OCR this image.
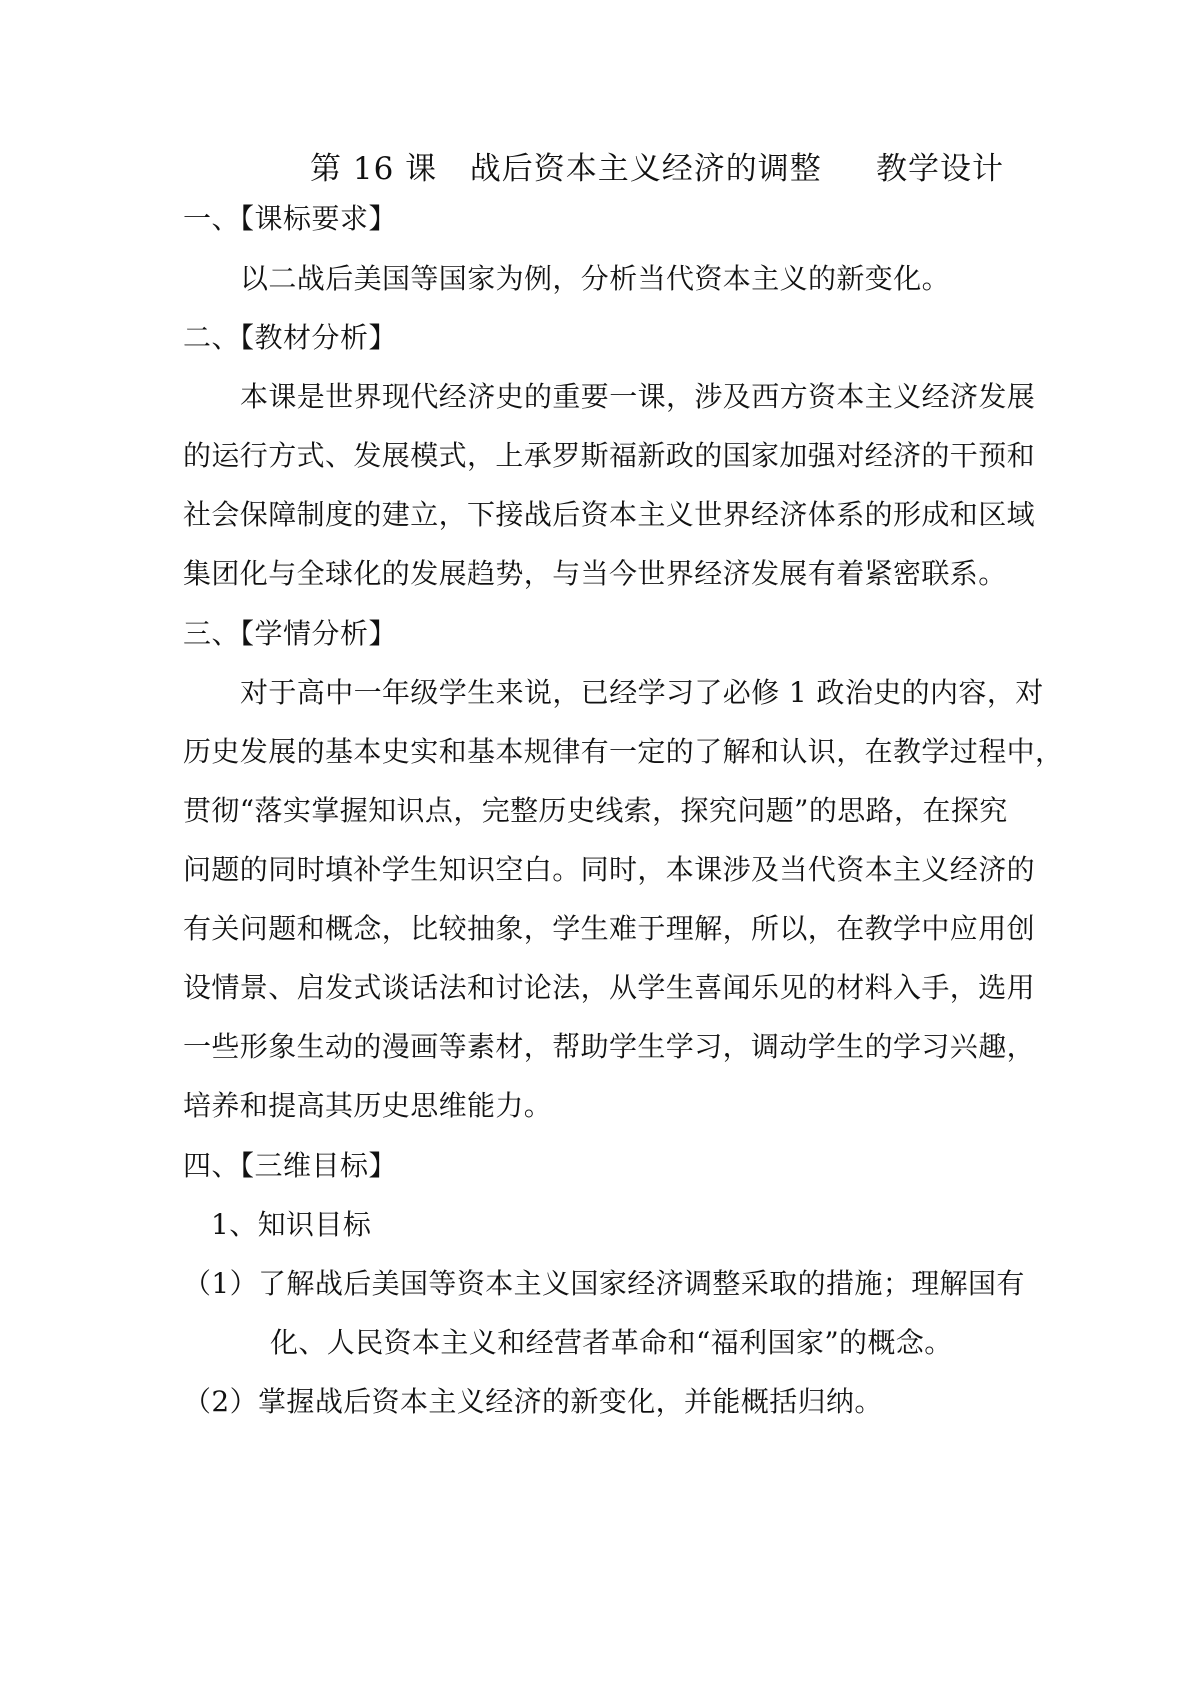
第 16 课   战后资本主义经济的调整     教学设计
一、【课标要求】
以二战后美国等国家为例，分析当代资本主义的新变化。
二、【教材分析】
本课是世界现代经济史的重要一课，涉及西方资本主义经济发展
的运行方式、发展模式，上承罗斯福新政的国家加强对经济的干预和
社会保障制度的建立，下接战后资本主义世界经济体系的形成和区域
集团化与全球化的发展趋势，与当今世界经济发展有着紧密联系。
三、【学情分析】
对于高中一年级学生来说，已经学习了必修 1 政治史的内容，对
历史发展的基本史实和基本规律有一定的了解和认识，在教学过程中，
贯彻“落实掌握知识点，完整历史线索，探究问题”的思路，在探究
问题的同时填补学生知识空白。同时，本课涉及当代资本主义经济的
有关问题和概念，比较抽象，学生难于理解，所以，在教学中应用创
设情景、启发式谈话法和讨论法，从学生喜闻乐见的材料入手，选用
一些形象生动的漫画等素材，帮助学生学习，调动学生的学习兴趣，
培养和提高其历史思维能力。
四、【三维目标】
1、知识目标
（1）了解战后美国等资本主义国家经济调整采取的措施；理解国有
化、人民资本主义和经营者革命和“福利国家”的概念。
（2）掌握战后资本主义经济的新变化，并能概括归纳。
